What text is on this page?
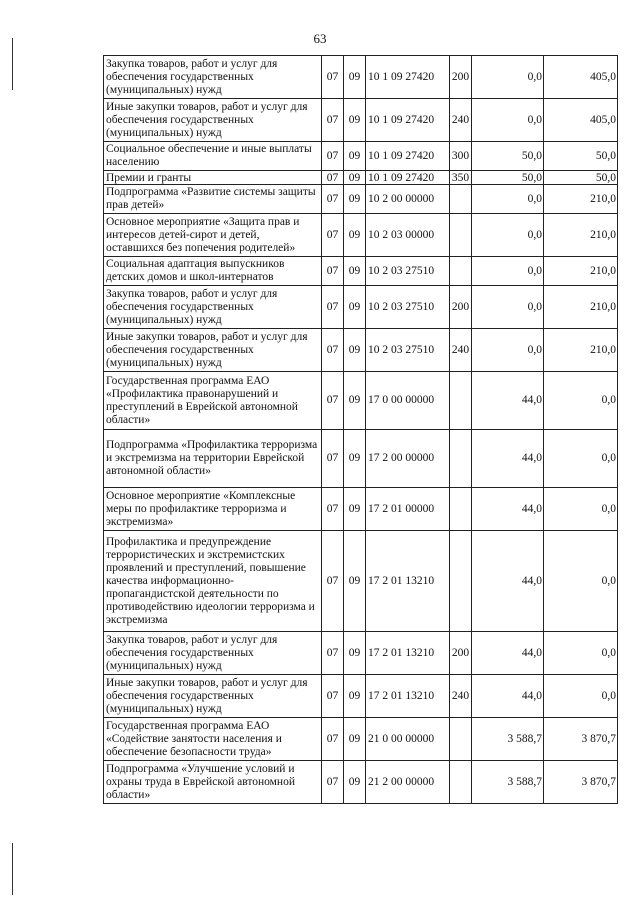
63
Закупка товаров, работ и услуг для обеспечения государственных (муниципальных) нужд	07	09	10 1 09 27420	200	0,0	405,0
Иные закупки товаров, работ и услуг для обеспечения государственных (муниципальных) нужд	07	09	10 1 09 27420	240	0,0	405,0
Социальное обеспечение и иные выплаты населению	07	09	10 1 09 27420	300	50,0	50,0
Премии и гранты	07	09	10 1 09 27420	350	50,0	50,0
Подпрограмма «Развитие системы защиты прав детей»	07	09	10 2 00 00000		0,0	210,0
Основное мероприятие «Защита прав и интересов детей-сирот и детей, оставшихся без попечения родителей»	07	09	10 2 03 00000		0,0	210,0
Социальная адаптация выпускников детских домов и школ-интернатов	07	09	10 2 03 27510		0,0	210,0
Закупка товаров, работ и услуг для обеспечения государственных (муниципальных) нужд	07	09	10 2 03 27510	200	0,0	210,0
Иные закупки товаров, работ и услуг для обеспечения государственных (муниципальных) нужд	07	09	10 2 03 27510	240	0,0	210,0
Государственная программа ЕАО «Профилактика правонарушений и преступлений в Еврейской автономной области»	07	09	17 0 00 00000		44,0	0,0
Подпрограмма «Профилактика терроризма и экстремизма на территории Еврейской автономной области»	07	09	17 2 00 00000		44,0	0,0
Основное мероприятие «Комплексные меры по профилактике терроризма и экстремизма»	07	09	17 2 01 00000		44,0	0,0
Профилактика и предупреждение террористических и экстремистских проявлений и преступлений, повышение качества информационно-пропагандистской деятельности по противодействию идеологии терроризма и экстремизма	07	09	17 2 01 13210		44,0	0,0
Закупка товаров, работ и услуг для обеспечения государственных (муниципальных) нужд	07	09	17 2 01 13210	200	44,0	0,0
Иные закупки товаров, работ и услуг для обеспечения государственных (муниципальных) нужд	07	09	17 2 01 13210	240	44,0	0,0
Государственная программа ЕАО «Содействие занятости населения и обеспечение безопасности труда»	07	09	21 0 00 00000		3 588,7	3 870,7
Подпрограмма «Улучшение условий и охраны труда в Еврейской автономной области»	07	09	21 2 00 00000		3 588,7	3 870,7
